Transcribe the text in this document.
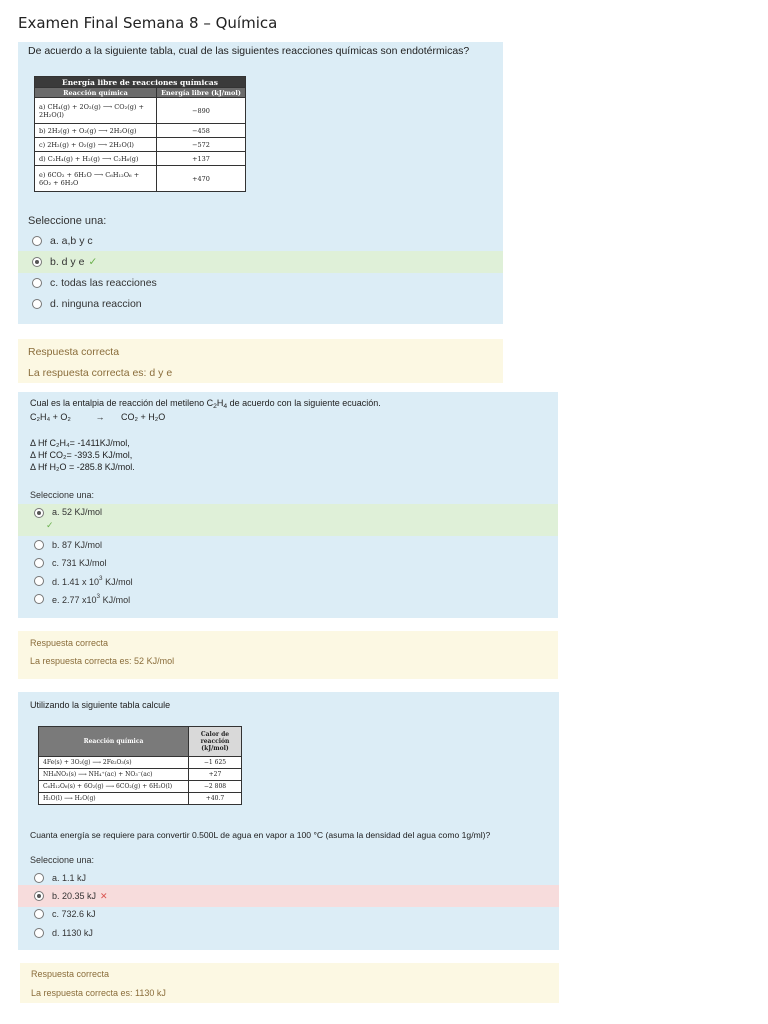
Examen Final Semana 8 – Química
De acuerdo a la siguiente tabla, cual de las siguientes reacciones químicas son endotérmicas?
Energía libre de reacciones químicas	
Reacción química	Energía libre (kJ/mol)
a) CH₄(g) + 2O₂(g) ⟶ CO₂(g) + 2H₂O(l)	−890
b) 2H₂(g) + O₂(g) ⟶ 2H₂O(g)	−458
c) 2H₂(g) + O₂(g) ⟶ 2H₂O(l)	−572
d) C₂H₄(g) + H₂(g) ⟶ C₂H₆(g)	+137
e) 6CO₂ + 6H₂O ⟶ C₆H₁₂O₆ + 6O₂ + 6H₂O	+470
Seleccione una:
a. a,b y c
b. d y e ✓
c. todas las reacciones
d. ninguna reaccion
Respuesta correcta
La respuesta correcta es: d y e
Cual es la entalpia de reacción del metileno $C_2H_4$ de acuerdo con la siguiente ecuación.
C₂H₄ + O₂	→ CO₂ + H₂O
Δ Hf C₂H₄= -1411KJ/mol,
Δ Hf CO₂= -393.5 KJ/mol,
Δ Hf H₂O = -285.8 KJ/mol.
Seleccione una:
a. 52 KJ/mol
✓
b. 87 KJ/mol
c. 731 KJ/mol
d. 1.41 x $10^3$ KJ/mol
e. 2.77 $x10^3$ KJ/mol
Respuesta correcta
La respuesta correcta es: 52 KJ/mol
Utilizando la siguiente tabla calcule
Reacción química	Calor de reacción (kJ/mol)
4Fe(s) + 3O₂(g) ⟶ 2Fe₂O₃(s)	−1 625
NH₄NO₃(s) ⟶ NH₄⁺(ac) + NO₃⁻(ac)	+27
C₆H₁₂O₆(s) + 6O₂(g) ⟶ 6CO₂(g) + 6H₂O(l)	−2 808
H₂O(l) ⟶ H₂O(g)	+40.7
Cuanta energía se requiere para convertir 0.500L de agua en vapor a 100 °C (asuma la densidad del agua como 1g/ml)?
Seleccione una:
a. 1.1 kJ
b. 20.35 kJ ✕
c. 732.6 kJ
d. 1130 kJ
Respuesta correcta
La respuesta correcta es: 1130 kJ
